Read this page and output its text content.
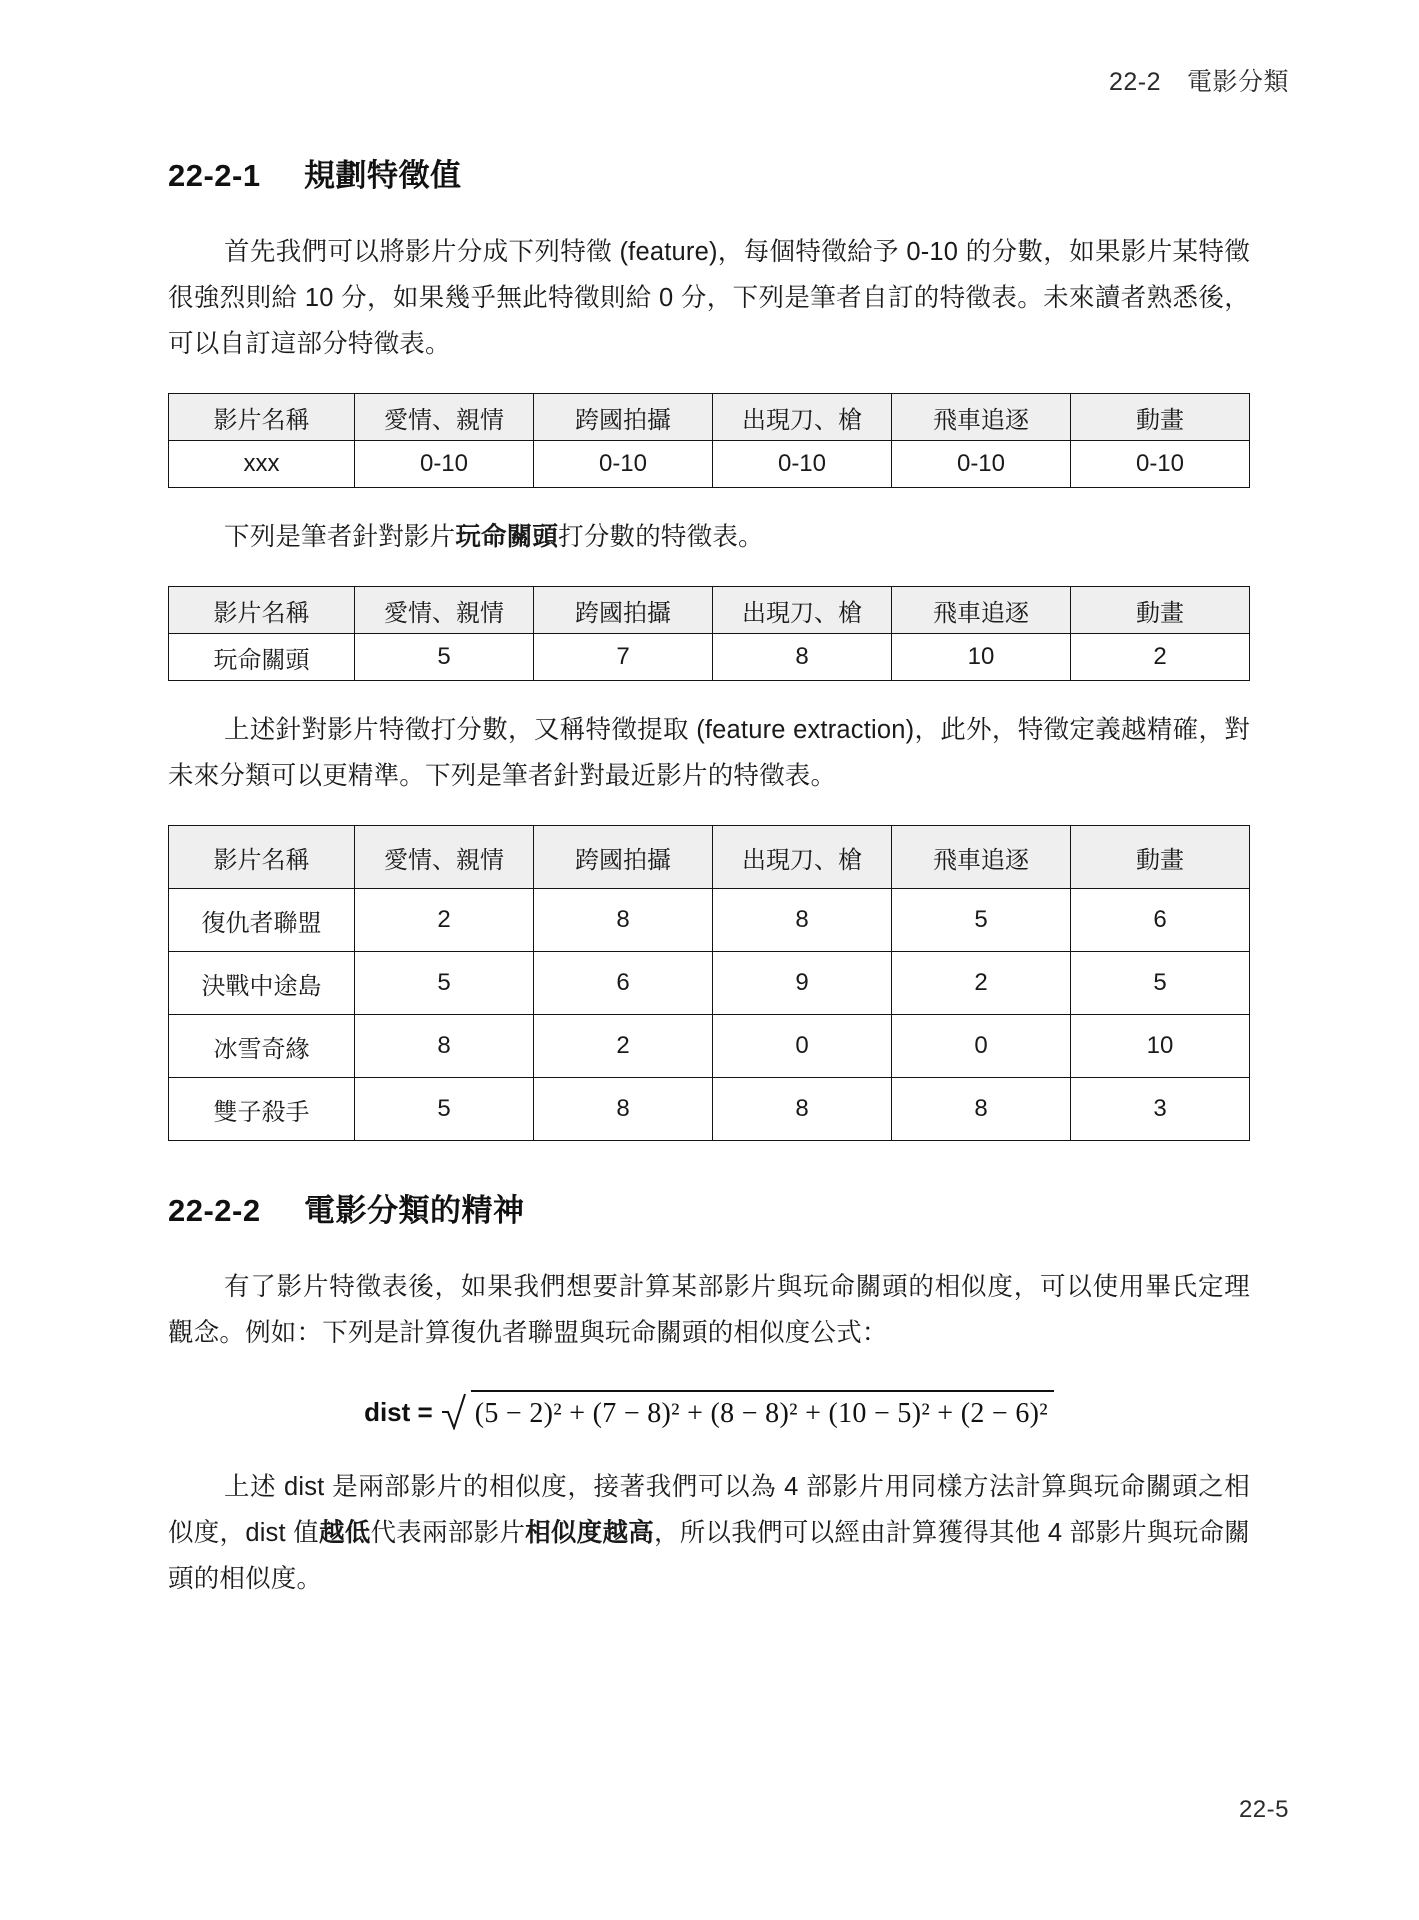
22-2 電影分類
22-2-1 規劃特徵值

首先我們可以將影片分成下列特徵 (feature)，每個特徵給予 0-10 的分數，如果影片某特徵很強烈則給 10 分，如果幾乎無此特徵則給 0 分，下列是筆者自訂的特徵表。未來讀者熟悉後，可以自訂這部分特徵表。

影片名稱	愛情、親情	跨國拍攝	出現刀、槍	飛車追逐	動畫
xxx	0-10	0-10	0-10	0-10	0-10

下列是筆者針對影片玩命關頭打分數的特徵表。

影片名稱	愛情、親情	跨國拍攝	出現刀、槍	飛車追逐	動畫
玩命關頭	5	7	8	10	2

上述針對影片特徵打分數，又稱特徵提取 (feature extraction)，此外，特徵定義越精確，對未來分類可以更精準。下列是筆者針對最近影片的特徵表。

影片名稱	愛情、親情	跨國拍攝	出現刀、槍	飛車追逐	動畫
復仇者聯盟	2	8	8	5	6
決戰中途島	5	6	9	2	5
冰雪奇緣	8	2	0	0	10
雙子殺手	5	8	8	8	3
22-2-2 電影分類的精神

有了影片特徵表後，如果我們想要計算某部影片與玩命關頭的相似度，可以使用畢氏定理觀念。例如：下列是計算復仇者聯盟與玩命關頭的相似度公式：

dist = (5 − 2)² + (7 − 8)² + (8 − 8)² + (10 − 5)² + (2 − 6)²

上述 dist 是兩部影片的相似度，接著我們可以為 4 部影片用同樣方法計算與玩命關頭之相似度，dist 值越低代表兩部影片相似度越高，所以我們可以經由計算獲得其他 4 部影片與玩命關頭的相似度。

22-5
